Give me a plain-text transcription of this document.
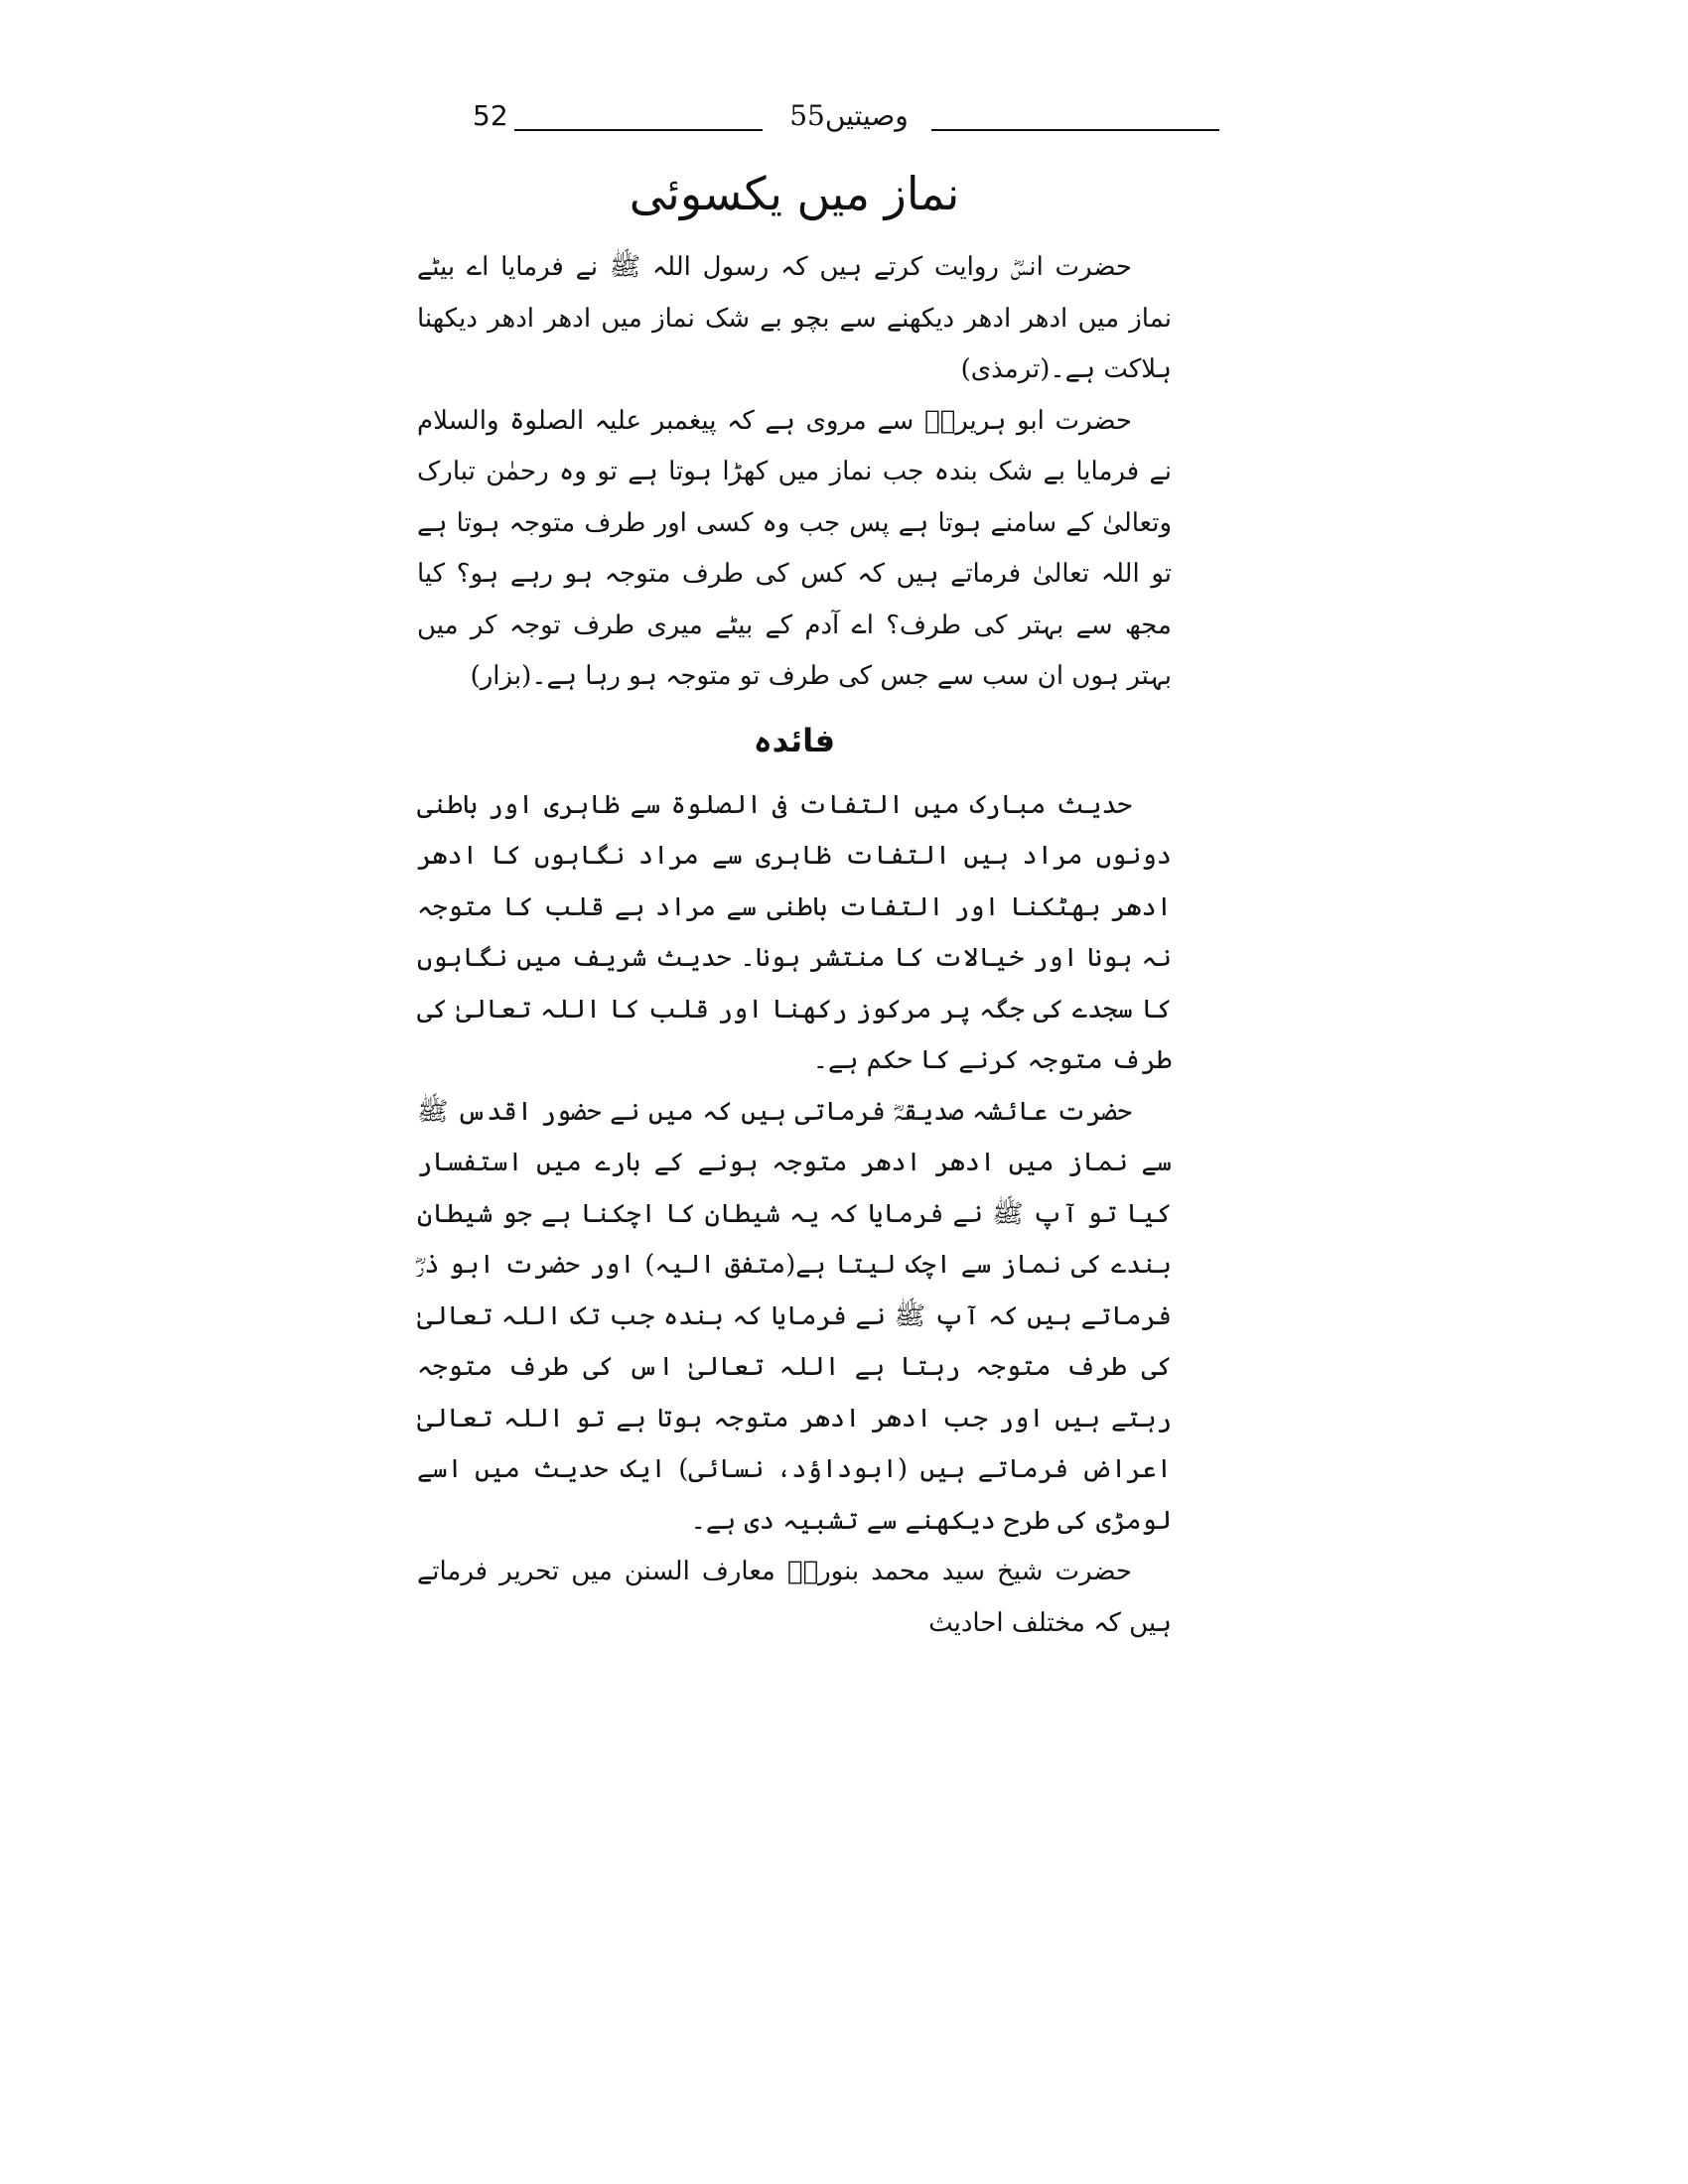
52	55وصیتیں
نماز میں یکسوئی

حضرت انسؓ روایت کرتے ہیں کہ رسول اللہ ﷺ نے فرمایا اے بیٹے نماز میں ادھر ادھر دیکھنے سے بچو بے شک نماز میں ادھر ادھر دیکھنا ہلاکت ہے۔(ترمذی)

حضرت ابو ہریرہؓ سے مروی ہے کہ پیغمبر علیہ الصلوۃ والسلام نے فرمایا بے شک بندہ جب نماز میں کھڑا ہوتا ہے تو وہ رحمٰن تبارک وتعالیٰ کے سامنے ہوتا ہے پس جب وہ کسی اور طرف متوجہ ہوتا ہے تو اللہ تعالیٰ فرماتے ہیں کہ کس کی طرف متوجہ ہو رہے ہو؟ کیا مجھ سے بہتر کی طرف؟ اے آدم کے بیٹے میری طرف توجہ کر میں بہتر ہوں ان سب سے جس کی طرف تو متوجہ ہو رہا ہے۔(بزار)

فائدہ

حدیث مبارک میں التفات فی الصلوۃ سے ظاہری اور باطنی دونوں مراد ہیں التفات ظاہری سے مراد نگاہوں کا ادھر ادھر بھٹکنا اور التفات باطنی سے مراد ہے قلب کا متوجہ نہ ہونا اور خیالات کا منتشر ہونا۔ حدیث شریف میں نگاہوں کا سجدے کی جگہ پر مرکوز رکھنا اور قلب کا اللہ تعالیٰ کی طرف متوجہ کرنے کا حکم ہے۔

حضرت عائشہ صدیقہؓ فرماتی ہیں کہ میں نے حضور اقدس ﷺ سے نماز میں ادھر ادھر متوجہ ہونے کے بارے میں استفسار کیا تو آپ ﷺ نے فرمایا کہ یہ شیطان کا اچکنا ہے جو شیطان بندے کی نماز سے اچک لیتا ہے(متفق الیہ) اور حضرت ابو ذرؓ فرماتے ہیں کہ آپ ﷺ نے فرمایا کہ بندہ جب تک اللہ تعالیٰ کی طرف متوجہ رہتا ہے اللہ تعالیٰ اس کی طرف متوجہ رہتے ہیں اور جب ادھر ادھر متوجہ ہوتا ہے تو اللہ تعالیٰ اعراض فرماتے ہیں (ابوداؤد، نسائی) ایک حدیث میں اسے لومڑی کی طرح دیکھنے سے تشبیہ دی ہے۔

حضرت شیخ سید محمد بنوریؒ معارف السنن میں تحریر فرماتے ہیں کہ مختلف احادیث
